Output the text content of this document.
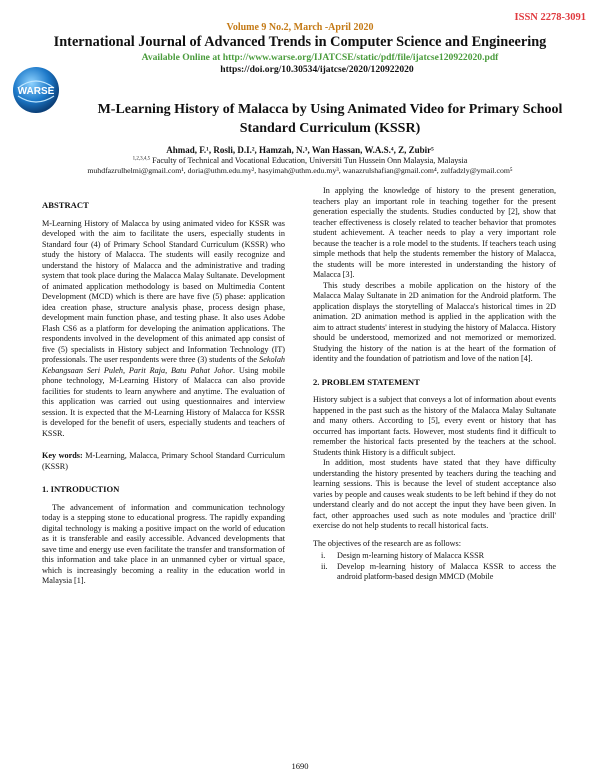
ISSN 2278-3091
WARSE
Volume 9 No.2, March -April 2020
International Journal of Advanced Trends in Computer Science and Engineering
Available Online at http://www.warse.org/IJATCSE/static/pdf/file/ijatcse120922020.pdf
https://doi.org/10.30534/ijatcse/2020/120922020
M-Learning History of Malacca by Using Animated Video for Primary School Standard Curriculum (KSSR)
Ahmad, F.¹, Rosli, D.I.², Hamzah, N.³, Wan Hassan, W.A.S.⁴, Z, Zubir⁵
$^{1,2,3,4,5}$ Faculty of Technical and Vocational Education, Universiti Tun Hussein Onn Malaysia, Malaysia
muhdfazrulhelmi@gmail.com¹, doria@uthm.edu.my², hasyimah@uthm.edu.my³, wanazrulshafian@gmail.com⁴, zulfadzly@ymail.com⁵
ABSTRACT

M-Learning History of Malacca by using animated video for KSSR was developed with the aim to facilitate the users, especially students in Standard four (4) of Primary School Standard Curriculum (KSSR) who study the history of Malacca. The students will easily recognize and understand the history of Malacca and the administrative and trading system that took place during the Malacca Malay Sultanate. Development of animated application methodology is based on Multimedia Content Development (MCD) which is there are have five (5) phase: application idea creation phase, structure analysis phase, process design phase, development main function phase, and testing phase. It also uses Adobe Flash CS6 as a platform for developing the animation applications. The respondents involved in the development of this animated app consist of five (5) specialists in History subject and Information Technology (IT) professionals. The user respondents were three (3) students of the Sekolah Kebangsaan Seri Puleh, Parit Raja, Batu Pahat Johor. Using mobile phone technology, M-Learning History of Malacca can also provide facilities for students to learn anywhere and anytime. The evaluation of this application was carried out using questionnaires and interview session. It is expected that the M-Learning History of Malacca for KSSR is developed for the benefit of users, especially students and teachers of KSSR.

Key words: M-Learning, Malacca, Primary School Standard Curriculum (KSSR)

1. INTRODUCTION

The advancement of information and communication technology today is a stepping stone to educational progress. The rapidly expanding digital technology is making a positive impact on the world of education as it is transferable and easily accessible. Advanced developments that save time and energy use even facilitate the transfer and transformation of this information and take place in an unmanned cyber or virtual space, which is increasingly becoming a reality in the education world in Malaysia [1].

In applying the knowledge of history to the present generation, teachers play an important role in teaching together for the present generation especially the students. Studies conducted by [2], show that teacher effectiveness is closely related to teacher behavior that promotes student achievement. A teacher needs to play a very important role because the teacher is a role model to the students. If teachers teach using simple methods that help the students remember the history of Malacca, the students will be more interested in understanding the history of Malacca [3].

This study describes a mobile application on the history of the Malacca Malay Sultanate in 2D animation for the Android platform. The application displays the storytelling of Malacca's historical times in 2D animation. 2D animation method is applied in the application with the aim to attract students' interest in studying the history of Malacca. History should be understood, memorized and not memorized or memorized. Studying the history of the nation is at the heart of the formation of identity and the foundation of patriotism and love of the nation [4].

2. PROBLEM STATEMENT

History subject is a subject that conveys a lot of information about events happened in the past such as the history of the Malacca Malay Sultanate and many others. According to [5], every event or history that has occurred has important facts. However, most students find it difficult to remember the historical facts presented by the teachers at the school. Students think History is a difficult subject.

In addition, most students have stated that they have difficulty understanding the history presented by teachers during the teaching and learning sessions. This is because the level of student acceptance also varies by people and causes weak students to be left behind if they do not understand clearly and do not accept the input they have been given. In fact, other approaches used such as note modules and 'practice drill' exercise do not help students to recall historical facts.

The objectives of the research are as follows:

i. Design m-learning history of Malacca KSSR
ii. Develop m-learning history of Malacca KSSR to access the android platform-based design MMCD (Mobile
1690
